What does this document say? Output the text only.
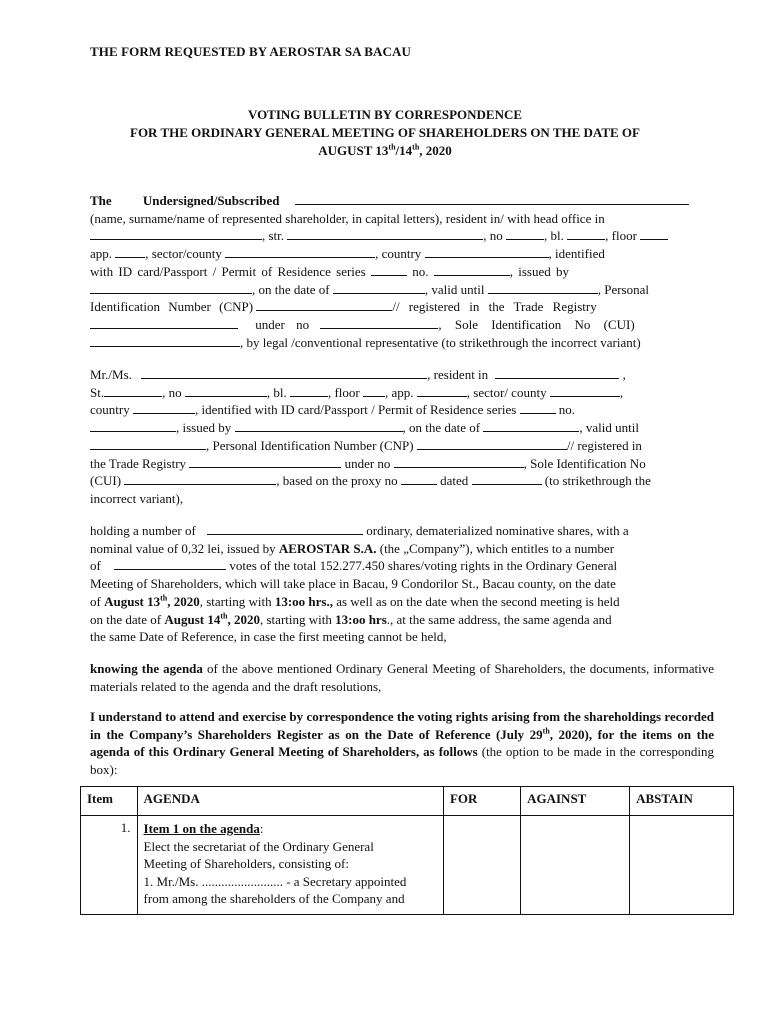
THE FORM REQUESTED BY AEROSTAR SA BACAU
VOTING BULLETIN BY CORRESPONDENCE
FOR THE ORDINARY GENERAL MEETING OF SHAREHOLDERS ON THE DATE OF
AUGUST 13th/14th, 2020

The Undersigned/Subscribed

(name, surname/name of represented shareholder, in capital letters), resident in/ with head office in

, str.	, no	, bl.	, floor

app.	, sector/county	, country	, identified

with ID card/Passport / Permit of Residence series	no.	, issued by

, on the date of	, valid until	, Personal

Identification Number (CNP)	// registered in the Trade Registry

under no	, Sole Identification No (CUI)

, by legal /conventional representative (to strikethrough the incorrect variant)

Mr./Ms.	, resident in	,

St.	, no	, bl.	, floor , app.	, sector/ county	,

country	, identified with ID card/Passport / Permit of Residence series	no.

, issued by	, on the date of	, valid until

, Personal Identification Number (CNP)	// registered in

the Trade Registry	under no	, Sole Identification No

(CUI)	, based on the proxy no	dated	(to strikethrough the

incorrect variant),

holding a number of	ordinary, dematerialized nominative shares, with a

nominal value of 0,32 lei, issued by AEROSTAR S.A. (the „Company”), which entitles to a number

of	votes of the total 152.277.450 shares/voting rights in the Ordinary General

Meeting of Shareholders, which will take place in Bacau, 9 Condorilor St., Bacau county, on the date

of August 13th, 2020, starting with 13:oo hrs., as well as on the date when the second meeting is held

on the date of August 14th, 2020, starting with 13:oo hrs., at the same address, the same agenda and

the same Date of Reference, in case the first meeting cannot be held,

knowing the agenda of the above mentioned Ordinary General Meeting of Shareholders, the documents, informative materials related to the agenda and the draft resolutions,

I understand to attend and exercise by correspondence the voting rights arising from the shareholdings recorded in the Company’s Shareholders Register as on the Date of Reference (July 29th, 2020), for the items on the agenda of this Ordinary General Meeting of Shareholders, as follows (the option to be made in the corresponding box):

Item	AGENDA	FOR	AGAINST	ABSTAIN
1.	Item 1 on the agenda:
Elect the secretariat of the Ordinary General
Meeting of Shareholders, consisting of:
1. Mr./Ms. ......................... - a Secretary appointed
from among the shareholders of the Company and			
